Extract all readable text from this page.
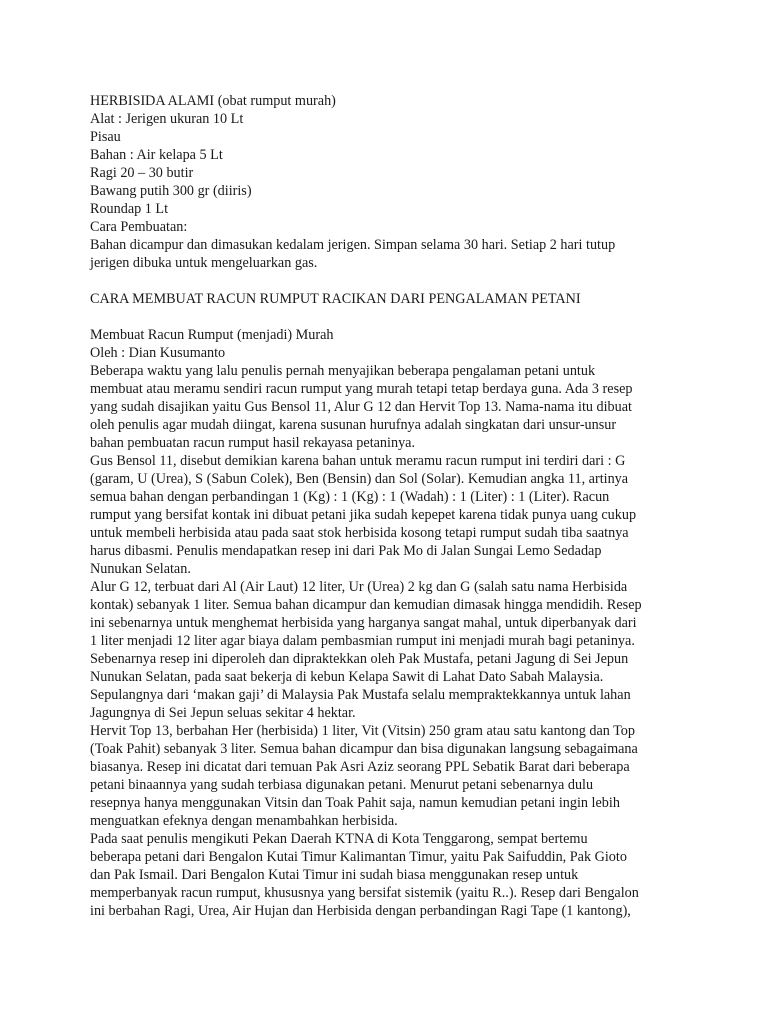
HERBISIDA ALAMI (obat rumput murah)
Alat : Jerigen ukuran 10 Lt
Pisau
Bahan : Air kelapa 5 Lt
Ragi 20 – 30 butir
Bawang putih 300 gr (diiris)
Roundap 1 Lt
Cara Pembuatan:
Bahan dicampur dan dimasukan kedalam jerigen. Simpan selama 30 hari. Setiap 2 hari tutup
jerigen dibuka untuk mengeluarkan gas.
CARA MEMBUAT RACUN RUMPUT RACIKAN DARI PENGALAMAN PETANI
Membuat Racun Rumput (menjadi) Murah
Oleh : Dian Kusumanto
Beberapa waktu yang lalu penulis pernah menyajikan beberapa pengalaman petani untuk
membuat atau meramu sendiri racun rumput yang murah tetapi tetap berdaya guna. Ada 3 resep
yang sudah disajikan yaitu Gus Bensol 11, Alur G 12 dan Hervit Top 13. Nama-nama itu dibuat
oleh penulis agar mudah diingat, karena susunan hurufnya adalah singkatan dari unsur-unsur
bahan pembuatan racun rumput hasil rekayasa petaninya.
Gus Bensol 11, disebut demikian karena bahan untuk meramu racun rumput ini terdiri dari : G
(garam, U (Urea), S (Sabun Colek), Ben (Bensin) dan Sol (Solar). Kemudian angka 11, artinya
semua bahan dengan perbandingan 1 (Kg) : 1 (Kg) : 1 (Wadah) : 1 (Liter) : 1 (Liter). Racun
rumput yang bersifat kontak ini dibuat petani jika sudah kepepet karena tidak punya uang cukup
untuk membeli herbisida atau pada saat stok herbisida kosong tetapi rumput sudah tiba saatnya
harus dibasmi. Penulis mendapatkan resep ini dari Pak Mo di Jalan Sungai Lemo Sedadap
Nunukan Selatan.
Alur G 12, terbuat dari Al (Air Laut) 12 liter, Ur (Urea) 2 kg dan G (salah satu nama Herbisida
kontak) sebanyak 1 liter. Semua bahan dicampur dan kemudian dimasak hingga mendidih. Resep
ini sebenarnya untuk menghemat herbisida yang harganya sangat mahal, untuk diperbanyak dari
1 liter menjadi 12 liter agar biaya dalam pembasmian rumput ini menjadi murah bagi petaninya.
Sebenarnya resep ini diperoleh dan dipraktekkan oleh Pak Mustafa, petani Jagung di Sei Jepun
Nunukan Selatan, pada saat bekerja di kebun Kelapa Sawit di Lahat Dato Sabah Malaysia.
Sepulangnya dari ‘makan gaji’ di Malaysia Pak Mustafa selalu mempraktekkannya untuk lahan
Jagungnya di Sei Jepun seluas sekitar 4 hektar.
Hervit Top 13, berbahan Her (herbisida) 1 liter, Vit (Vitsin) 250 gram atau satu kantong dan Top
(Toak Pahit) sebanyak 3 liter. Semua bahan dicampur dan bisa digunakan langsung sebagaimana
biasanya. Resep ini dicatat dari temuan Pak Asri Aziz seorang PPL Sebatik Barat dari beberapa
petani binaannya yang sudah terbiasa digunakan petani. Menurut petani sebenarnya dulu
resepnya hanya menggunakan Vitsin dan Toak Pahit saja, namun kemudian petani ingin lebih
menguatkan efeknya dengan menambahkan herbisida.
Pada saat penulis mengikuti Pekan Daerah KTNA di Kota Tenggarong, sempat bertemu
beberapa petani dari Bengalon Kutai Timur Kalimantan Timur, yaitu Pak Saifuddin, Pak Gioto
dan Pak Ismail. Dari Bengalon Kutai Timur ini sudah biasa menggunakan resep untuk
memperbanyak racun rumput, khususnya yang bersifat sistemik (yaitu R..). Resep dari Bengalon
ini berbahan Ragi, Urea, Air Hujan dan Herbisida dengan perbandingan Ragi Tape (1 kantong),
